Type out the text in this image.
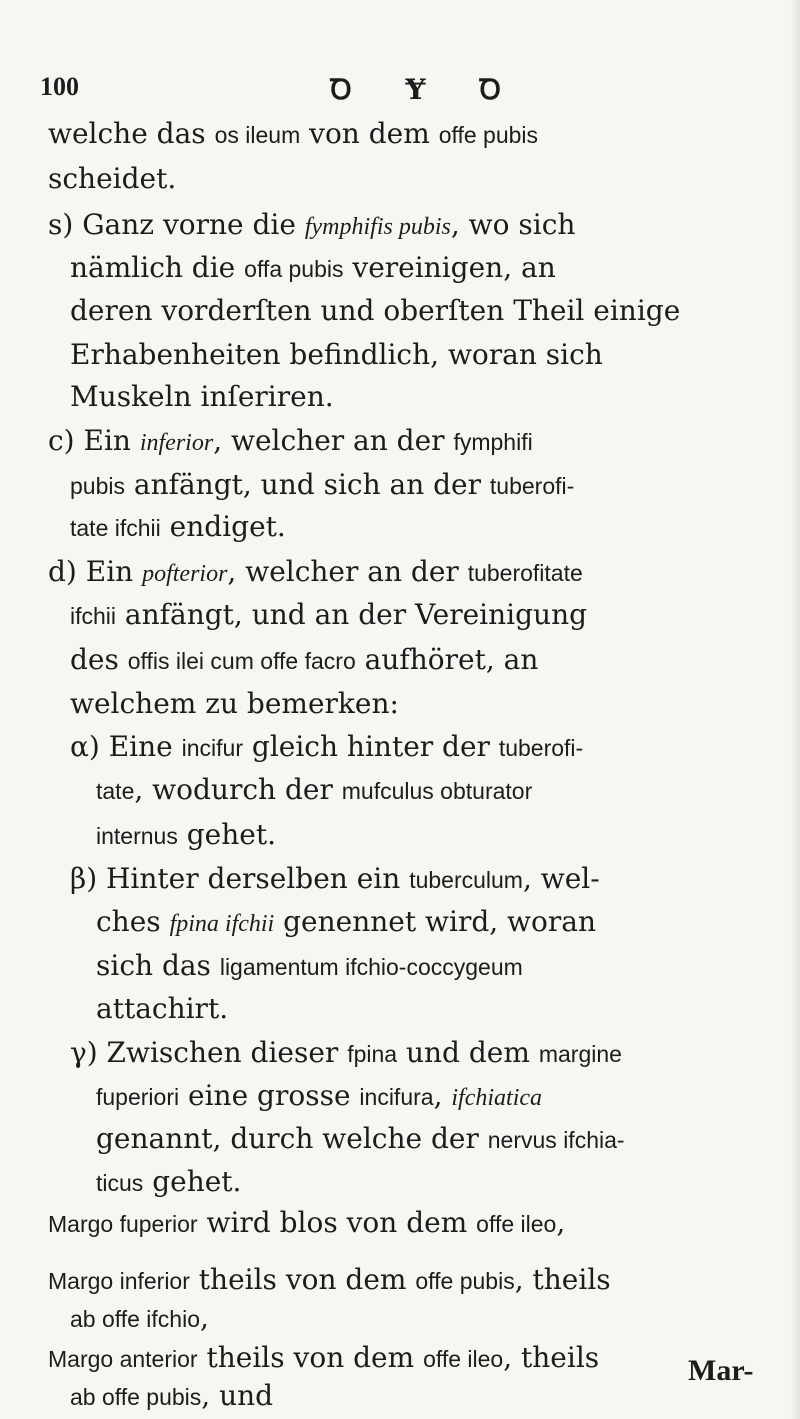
100	Ꝺ Ɏ Ꝺ
welche das os ileum von dem offe pubis
scheidet.
s) Ganz vorne die fymphifis pubis, wo sich
nämlich die offa pubis vereinigen, an
deren vorderſten und oberſten Theil einige
Erhabenheiten befindlich, woran sich
Muskeln inſeriren.
c) Ein inferior, welcher an der fymphifi
pubis anfängt, und sich an der tuberofi-
tate ifchii endiget.
d) Ein pofterior, welcher an der tuberofitate
ifchii anfängt, und an der Vereinigung
des offis ilei cum offe facro aufhöret, an
welchem zu bemerken:
α) Eine incifur gleich hinter der tuberofi-
tate, wodurch der mufculus obturator
internus gehet.
β) Hinter derselben ein tuberculum, wel-
ches fpina ifchii genennet wird, woran
sich das ligamentum ifchio-coccygeum
attachirt.
γ) Zwischen dieser fpina und dem margine
fuperiori eine grosse incifura, ifchiatica
genannt, durch welche der nervus ifchia-
ticus gehet.
Margo fuperior wird blos von dem offe ileo,
Margo inferior theils von dem offe pubis, theils
ab offe ifchio,
Margo anterior theils von dem offe ileo, theils
ab offe pubis, und
Mar-
